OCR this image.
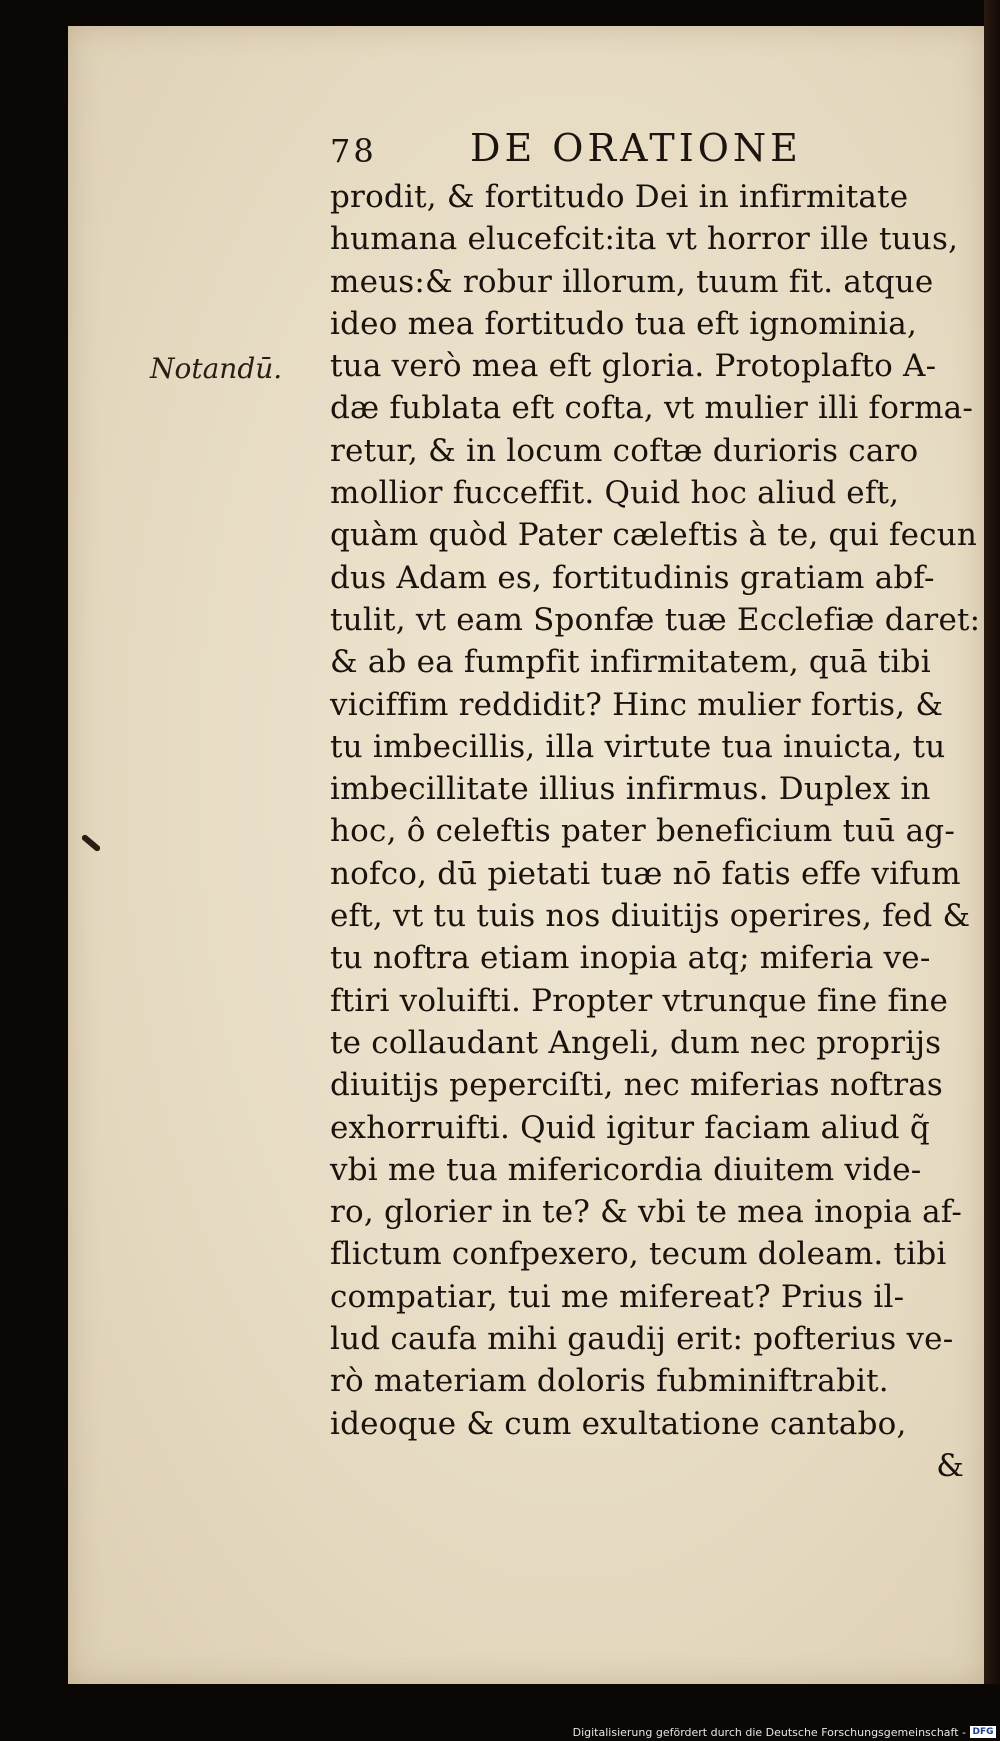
78 DE ORATIONE
Notandū.
prodit, & fortitudo Dei in infirmitate
humana elucefcit:ita vt horror ille tuus,
meus:& robur illorum, tuum fit. atque
ideo mea fortitudo tua eft ignominia,
tua verò mea eft gloria. Protoplafto A-
dæ fublata eft cofta, vt mulier illi forma-
retur, & in locum coftæ durioris caro
mollior fucceffit. Quid hoc aliud eft,
quàm quòd Pater cæleftis à te, qui fecun
dus Adam es, fortitudinis gratiam abf-
tulit, vt eam Sponfæ tuæ Ecclefiæ daret:
& ab ea fumpfit infirmitatem, quā tibi
viciffim reddidit? Hinc mulier fortis, &
tu imbecillis, illa virtute tua inuicta, tu
imbecillitate illius infirmus. Duplex in
hoc, ô celeftis pater beneficium tuū ag-
nofco, dū pietati tuæ nō fatis effe vifum
eft, vt tu tuis nos diuitijs operires, fed &
tu noftra etiam inopia atq; miferia ve-
ftiri voluifti. Propter vtrunque fine fine
te collaudant Angeli, dum nec proprijs
diuitijs peperciſti, nec miferias noftras
exhorruifti. Quid igitur faciam aliud q̃
vbi me tua mifericordia diuitem vide-
ro, glorier in te? & vbi te mea inopia af-
flictum confpexero, tecum doleam. tibi
compatiar, tui me mifereat? Prius il-
lud caufa mihi gaudij erit: pofterius ve-
rò materiam doloris fubminiftrabit.
ideoque & cum exultatione cantabo,
&
Digitalisierung gefördert durch die Deutsche Forschungsgemeinschaft - DFG
